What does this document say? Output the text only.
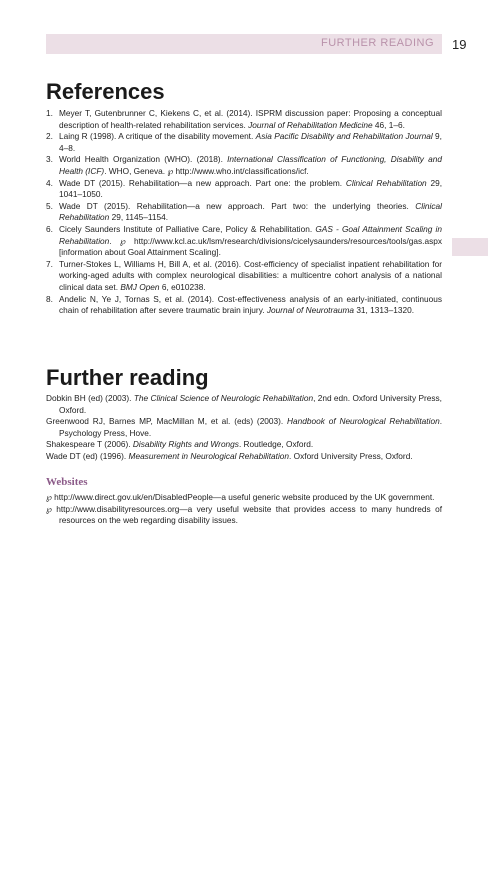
FURTHER READING 19
References
1. Meyer T, Gutenbrunner C, Kiekens C, et al. (2014). ISPRM discussion paper: Proposing a conceptual description of health-related rehabilitation services. Journal of Rehabilitation Medicine 46, 1–6.
2. Laing R (1998). A critique of the disability movement. Asia Pacific Disability and Rehabilitation Journal 9, 4–8.
3. World Health Organization (WHO). (2018). International Classification of Functioning, Disability and Health (ICF). WHO, Geneva. ℘ http://www.who.int/classifications/icf.
4. Wade DT (2015). Rehabilitation—a new approach. Part one: the problem. Clinical Rehabilitation 29, 1041–1050.
5. Wade DT (2015). Rehabilitation—a new approach. Part two: the underlying theories. Clinical Rehabilitation 29, 1145–1154.
6. Cicely Saunders Institute of Palliative Care, Policy & Rehabilitation. GAS - Goal Attainment Scaling in Rehabilitation. ℘ http://www.kcl.ac.uk/lsm/research/divisions/cicelysaunders/resources/tools/gas.aspx [information about Goal Attainment Scaling].
7. Turner-Stokes L, Williams H, Bill A, et al. (2016). Cost-efficiency of specialist inpatient rehabilitation for working-aged adults with complex neurological disabilities: a multicentre cohort analysis of a national clinical data set. BMJ Open 6, e010238.
8. Andelic N, Ye J, Tornas S, et al. (2014). Cost-effectiveness analysis of an early-initiated, continuous chain of rehabilitation after severe traumatic brain injury. Journal of Neurotrauma 31, 1313–1320.
Further reading

Dobkin BH (ed) (2003). The Clinical Science of Neurologic Rehabilitation, 2nd edn. Oxford University Press, Oxford.

Greenwood RJ, Barnes MP, MacMillan M, et al. (eds) (2003). Handbook of Neurological Rehabilitation. Psychology Press, Hove.

Shakespeare T (2006). Disability Rights and Wrongs. Routledge, Oxford.

Wade DT (ed) (1996). Measurement in Neurological Rehabilitation. Oxford University Press, Oxford.

Websites

℘ http://www.direct.gov.uk/en/DisabledPeople—a useful generic website produced by the UK government.

℘ http://www.disabilityresources.org—a very useful website that provides access to many hundreds of resources on the web regarding disability issues.
